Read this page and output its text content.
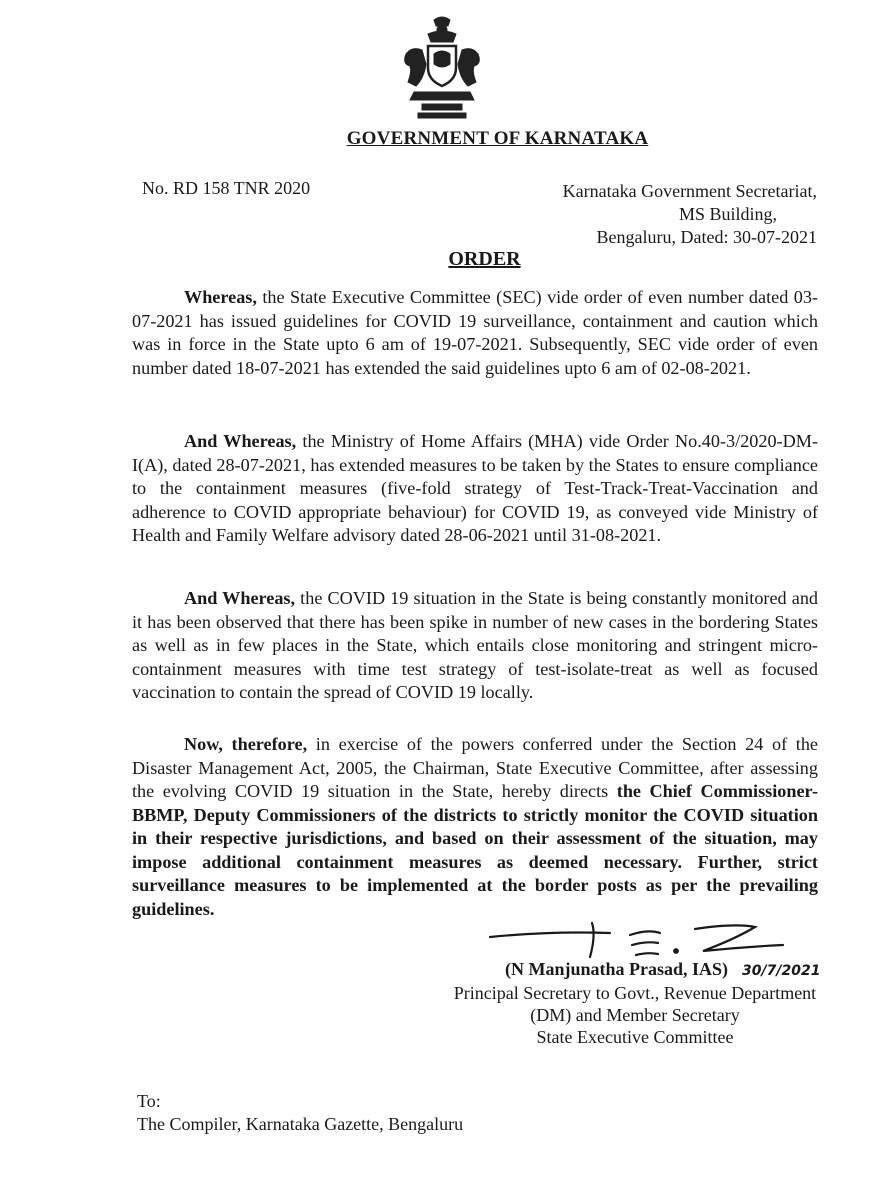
GOVERNMENT OF KARNATAKA
No. RD 158 TNR 2020	Karnataka Government Secretariat,
MS Building,
Bengaluru, Dated: 30-07-2021
ORDER
Whereas, the State Executive Committee (SEC) vide order of even number dated 03-07-2021 has issued guidelines for COVID 19 surveillance, containment and caution which was in force in the State upto 6 am of 19-07-2021. Subsequently, SEC vide order of even number dated 18-07-2021 has extended the said guidelines upto 6 am of 02-08-2021.
And Whereas, the Ministry of Home Affairs (MHA) vide Order No.40-3/2020-DM-I(A), dated 28-07-2021, has extended measures to be taken by the States to ensure compliance to the containment measures (five-fold strategy of Test-Track-Treat-Vaccination and adherence to COVID appropriate behaviour) for COVID 19, as conveyed vide Ministry of Health and Family Welfare advisory dated 28-06-2021 until 31-08-2021.
And Whereas, the COVID 19 situation in the State is being constantly monitored and it has been observed that there has been spike in number of new cases in the bordering States as well as in few places in the State, which entails close monitoring and stringent micro-containment measures with time test strategy of test-isolate-treat as well as focused vaccination to contain the spread of COVID 19 locally.
Now, therefore, in exercise of the powers conferred under the Section 24 of the Disaster Management Act, 2005, the Chairman, State Executive Committee, after assessing the evolving COVID 19 situation in the State, hereby directs the Chief Commissioner-BBMP, Deputy Commissioners of the districts to strictly monitor the COVID situation in their respective jurisdictions, and based on their assessment of the situation, may impose additional containment measures as deemed necessary. Further, strict surveillance measures to be implemented at the border posts as per the prevailing guidelines.
(N Manjunatha Prasad, IAS) 30/7/2021
Principal Secretary to Govt., Revenue Department
(DM) and Member Secretary
State Executive Committee
To:
The Compiler, Karnataka Gazette, Bengaluru
